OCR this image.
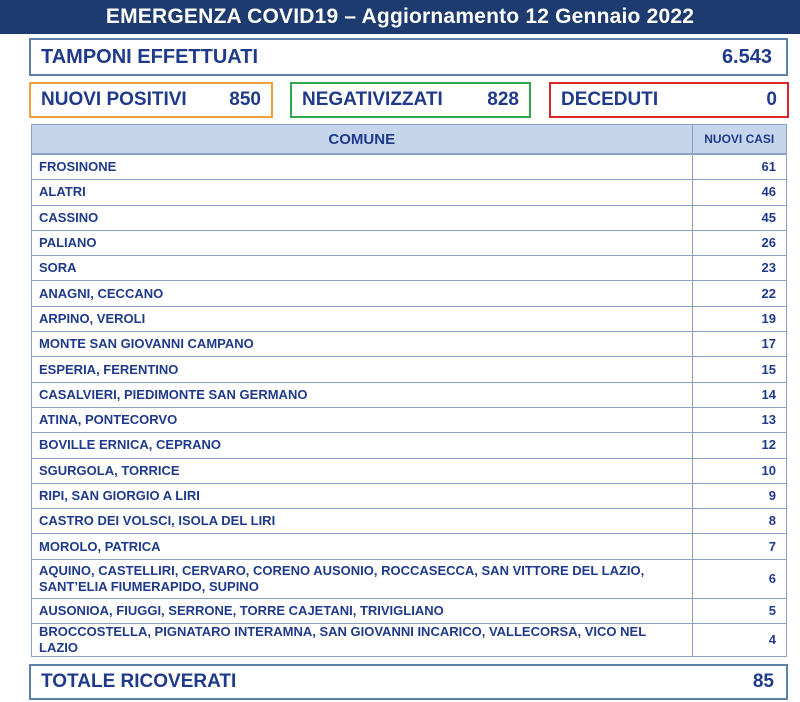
EMERGENZA COVID19 – Aggiornamento 12 Gennaio 2022
TAMPONI EFFETTUATI	6.543
NUOVI POSITIVI 850 NEGATIVIZZATI 828 DECEDUTI	0
COMUNE	NUOVI CASI
FROSINONE	61
ALATRI	46
CASSINO	45
PALIANO	26
SORA	23
ANAGNI, CECCANO	22
ARPINO, VEROLI	19
MONTE SAN GIOVANNI CAMPANO	17
ESPERIA, FERENTINO	15
CASALVIERI, PIEDIMONTE SAN GERMANO	14
ATINA, PONTECORVO	13
BOVILLE ERNICA, CEPRANO	12
SGURGOLA, TORRICE	10
RIPI, SAN GIORGIO A LIRI	9
CASTRO DEI VOLSCI, ISOLA DEL LIRI	8
MOROLO, PATRICA	7
AQUINO, CASTELLIRI, CERVARO, CORENO AUSONIO, ROCCASECCA, SAN VITTORE DEL LAZIO,
SANT’ELIA FIUMERAPIDO, SUPINO	6
AUSONIOA, FIUGGI, SERRONE, TORRE CAJETANI, TRIVIGLIANO	5
BROCCOSTELLA, PIGNATARO INTERAMNA, SAN GIOVANNI INCARICO, VALLECORSA, VICO NEL LAZIO	4
TOTALE RICOVERATI	85
